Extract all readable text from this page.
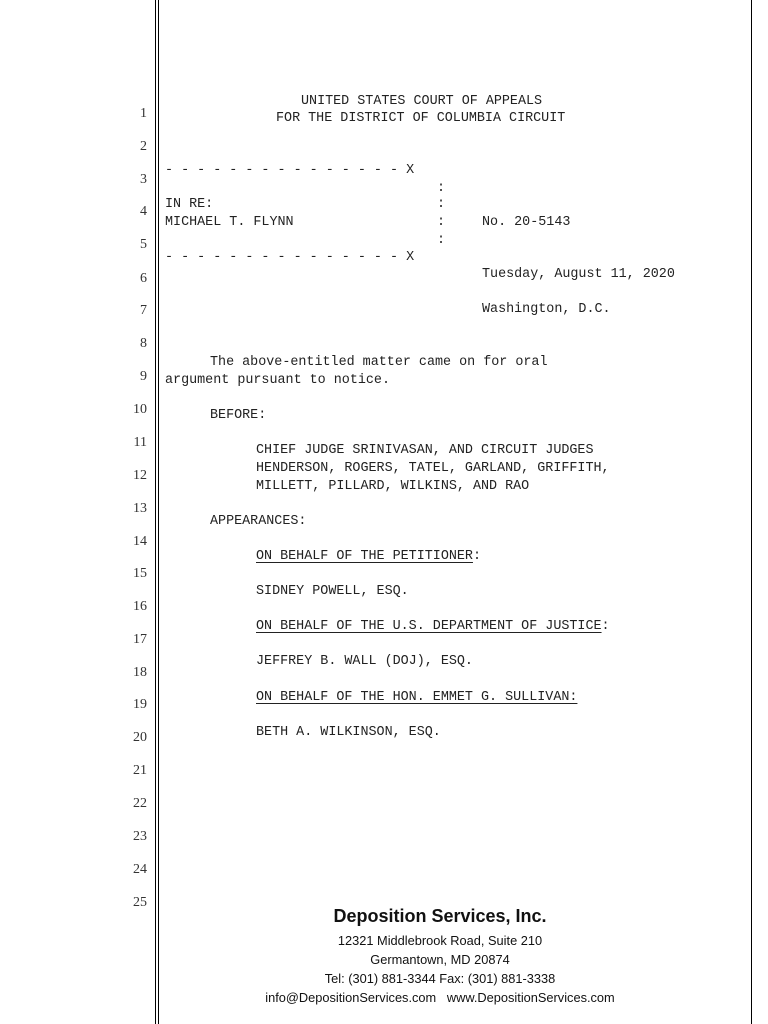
1
2
3
4
5
6
7
8
9
10
11
12
13
14
15
16
17
18
19
20
21
22
23
24
25
UNITED STATES COURT OF APPEALS
FOR THE DISTRICT OF COLUMBIA CIRCUIT
- - - - - - - - - - - - - - - X
:
IN RE:	:
MICHAEL T. FLYNN	:	No. 20-5143
:
- - - - - - - - - - - - - - - X
Tuesday, August 11, 2020
Washington, D.C.
The above-entitled matter came on for oral
argument pursuant to notice.
BEFORE:
CHIEF JUDGE SRINIVASAN, AND CIRCUIT JUDGES
HENDERSON, ROGERS, TATEL, GARLAND, GRIFFITH,
MILLETT, PILLARD, WILKINS, AND RAO
APPEARANCES:
ON BEHALF OF THE PETITIONER:
SIDNEY POWELL, ESQ.
ON BEHALF OF THE U.S. DEPARTMENT OF JUSTICE:
JEFFREY B. WALL (DOJ), ESQ.
ON BEHALF OF THE HON. EMMET G. SULLIVAN:
BETH A. WILKINSON, ESQ.
Deposition Services, Inc.
12321 Middlebrook Road, Suite 210
Germantown, MD 20874
Tel: (301) 881-3344 Fax: (301) 881-3338
info@DepositionServices.com   www.DepositionServices.com
